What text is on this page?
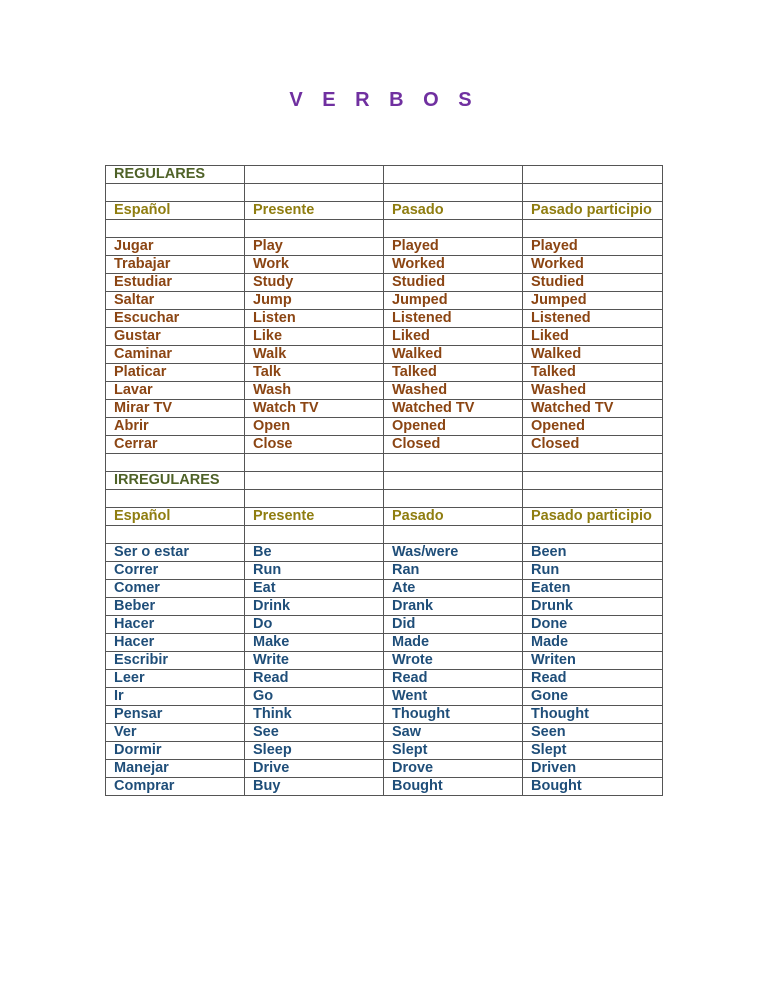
V E R B O S
REGULARES			

Español	Presente	Pasado	Pasado participio

Jugar	Play	Played	Played
Trabajar	Work	Worked	Worked
Estudiar	Study	Studied	Studied
Saltar	Jump	Jumped	Jumped
Escuchar	Listen	Listened	Listened
Gustar	Like	Liked	Liked
Caminar	Walk	Walked	Walked
Platicar	Talk	Talked	Talked
Lavar	Wash	Washed	Washed
Mirar TV	Watch TV	Watched TV	Watched TV
Abrir	Open	Opened	Opened
Cerrar	Close	Closed	Closed

IRREGULARES			

Español	Presente	Pasado	Pasado participio

Ser o estar	Be	Was/were	Been
Correr	Run	Ran	Run
Comer	Eat	Ate	Eaten
Beber	Drink	Drank	Drunk
Hacer	Do	Did	Done
Hacer	Make	Made	Made
Escribir	Write	Wrote	Writen
Leer	Read	Read	Read
Ir	Go	Went	Gone
Pensar	Think	Thought	Thought
Ver	See	Saw	Seen
Dormir	Sleep	Slept	Slept
Manejar	Drive	Drove	Driven
Comprar	Buy	Bought	Bought
